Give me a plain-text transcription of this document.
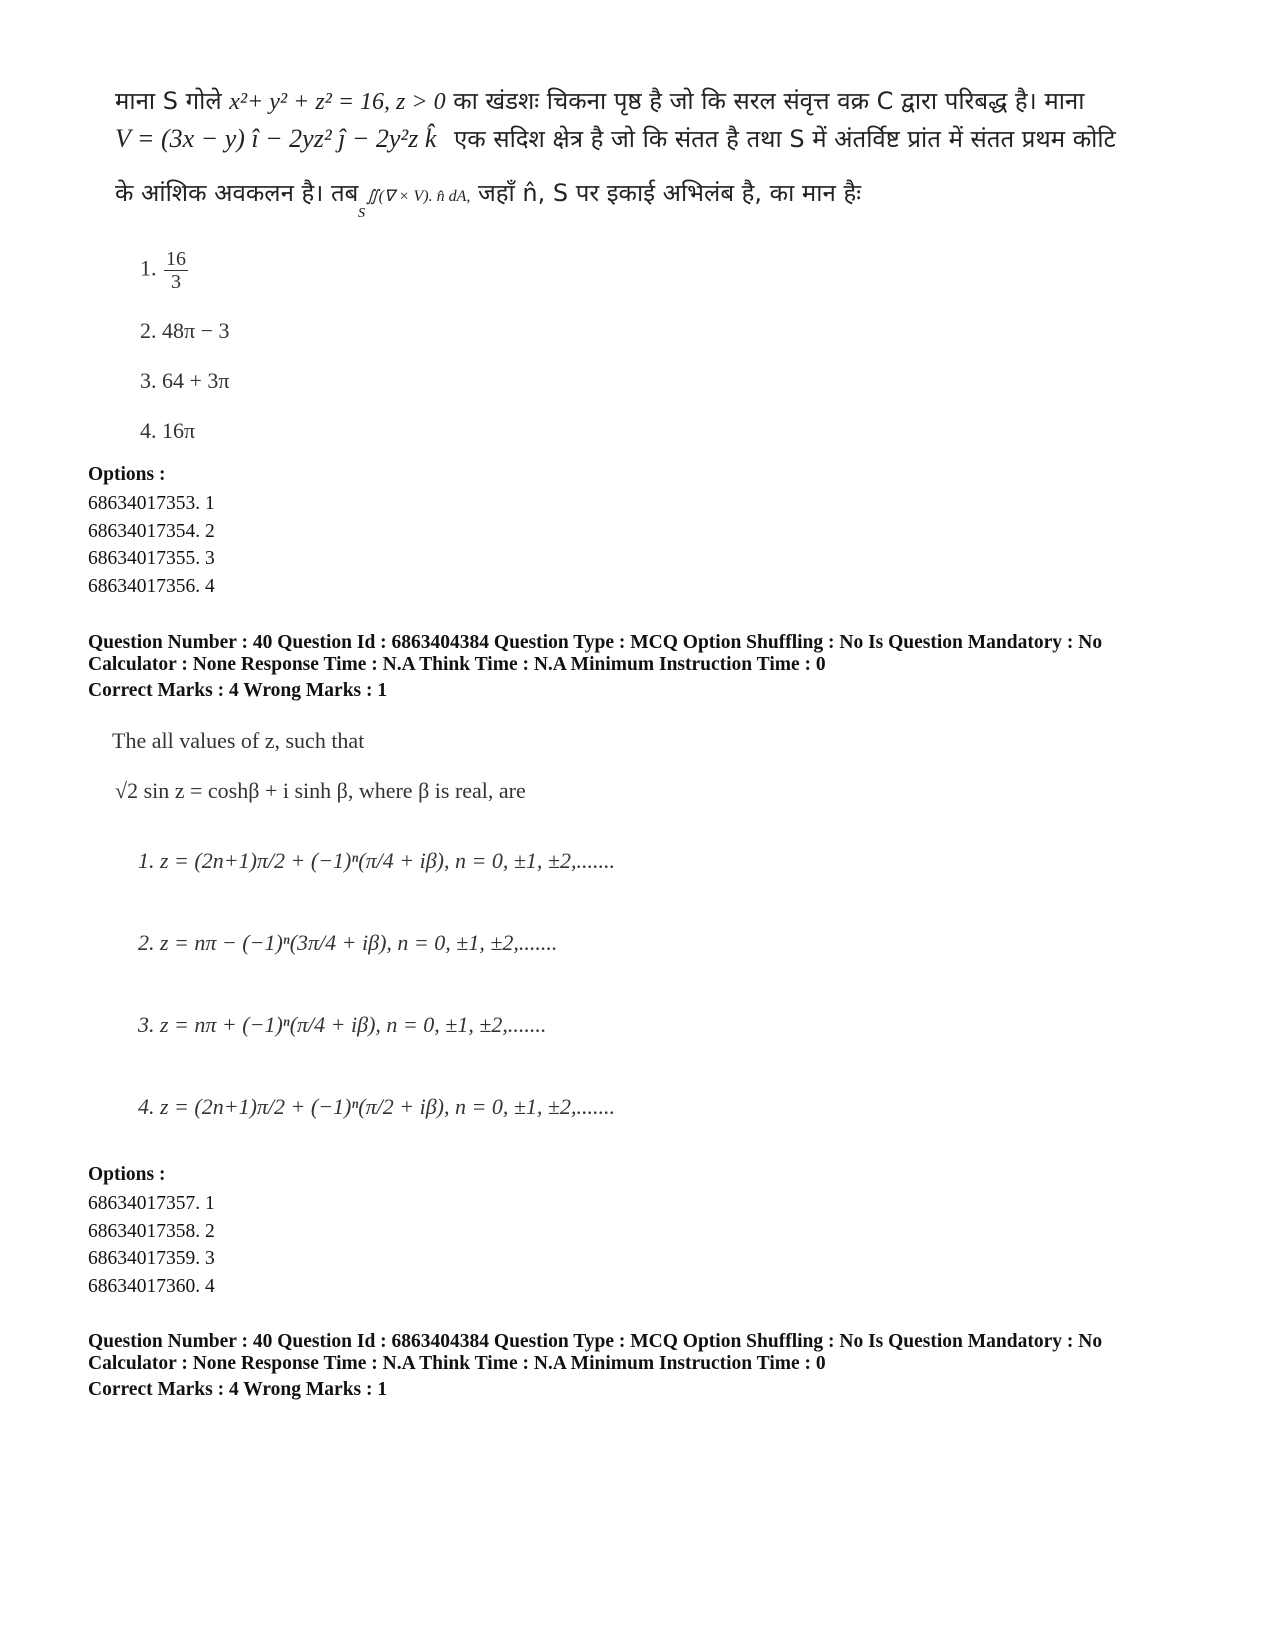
माना S गोले x²+ y² + z² = 16, z > 0 का खंडशः चिकना पृष्ठ है जो कि सरल संवृत्त वक्र C द्वारा परिबद्ध है। माना
V = (3x − y) î − 2yz² ĵ − 2y²z k̂ एक सदिश क्षेत्र है जो कि संतत है तथा S में अंतर्विष्ट प्रांत में संतत प्रथम कोटि
के आंशिक अवकलन है। तब ∬(∇ × V). n̂ dA, जहाँ n̂, S पर इकाई अभिलंब है, का मान हैः
S
1. $\frac{16}{3}$
2. 48π − 3
3. 64 + 3π
4. 16π
Options :
68634017353. 1
68634017354. 2
68634017355. 3
68634017356. 4
Question Number : 40 Question Id : 6863404384 Question Type : MCQ Option Shuffling : No Is Question Mandatory : No
Calculator : None Response Time : N.A Think Time : N.A Minimum Instruction Time : 0
Correct Marks : 4 Wrong Marks : 1
The all values of z, such that
√2 sin z = coshβ + i sinh β, where β is real, are
1. z = (2n+1)π/2 + (−1)ⁿ(π/4 + iβ), n = 0, ±1, ±2,.......
2. z = nπ − (−1)ⁿ(3π/4 + iβ), n = 0, ±1, ±2,.......
3. z = nπ + (−1)ⁿ(π/4 + iβ), n = 0, ±1, ±2,.......
4. z = (2n+1)π/2 + (−1)ⁿ(π/2 + iβ), n = 0, ±1, ±2,.......
Options :
68634017357. 1
68634017358. 2
68634017359. 3
68634017360. 4
Question Number : 40 Question Id : 6863404384 Question Type : MCQ Option Shuffling : No Is Question Mandatory : No
Calculator : None Response Time : N.A Think Time : N.A Minimum Instruction Time : 0
Correct Marks : 4 Wrong Marks : 1
